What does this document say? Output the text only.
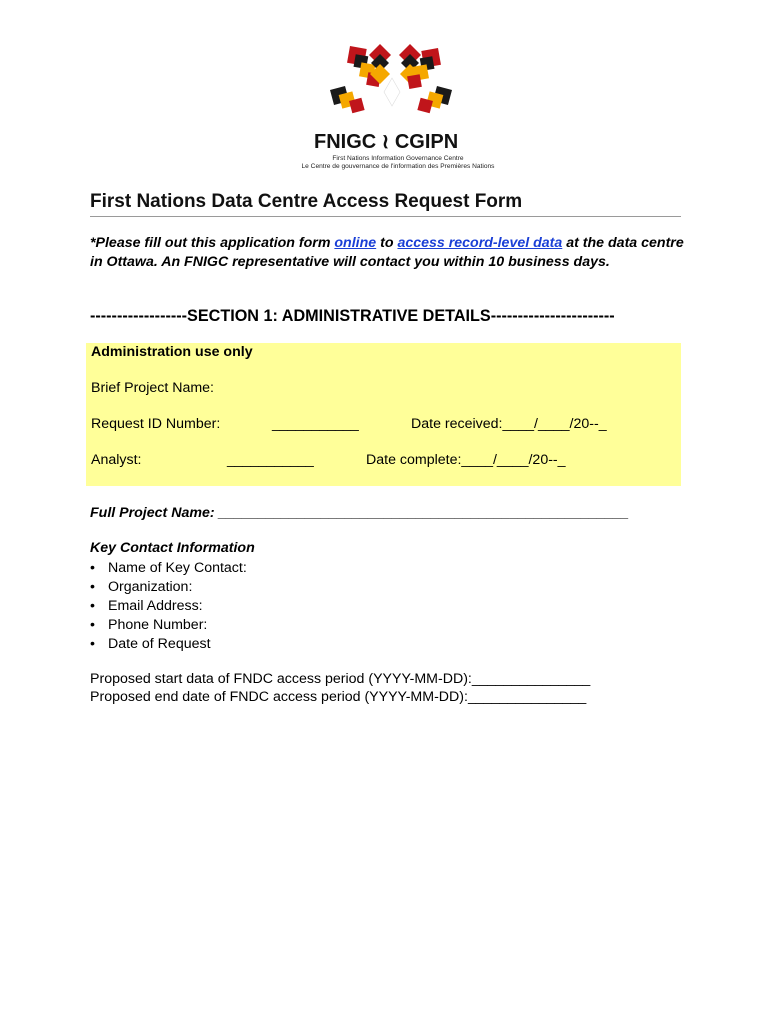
FNIGC ≀ CGIPN
First Nations Information Governance Centre
Le Centre de gouvernance de l'information des Premières Nations
First Nations Data Centre Access Request Form
*Please fill out this application form online to access record-level data at the data centre in Ottawa. An FNIGC representative will contact you within 10 business days.
------------------SECTION 1: ADMINISTRATIVE DETAILS-----------------------
Administration use only
Brief Project Name:
Request ID Number:	___________	Date received:____/____/20--_
Analyst:	___________	Date complete:____/____/20--_
Full Project Name: ____________________________________________________
Key Contact Information
• Name of Key Contact:
• Organization:
• Email Address:
• Phone Number:
• Date of Request
Proposed start data of FNDC access period (YYYY-MM-DD):_______________
Proposed end date of FNDC access period (YYYY-MM-DD):_______________
